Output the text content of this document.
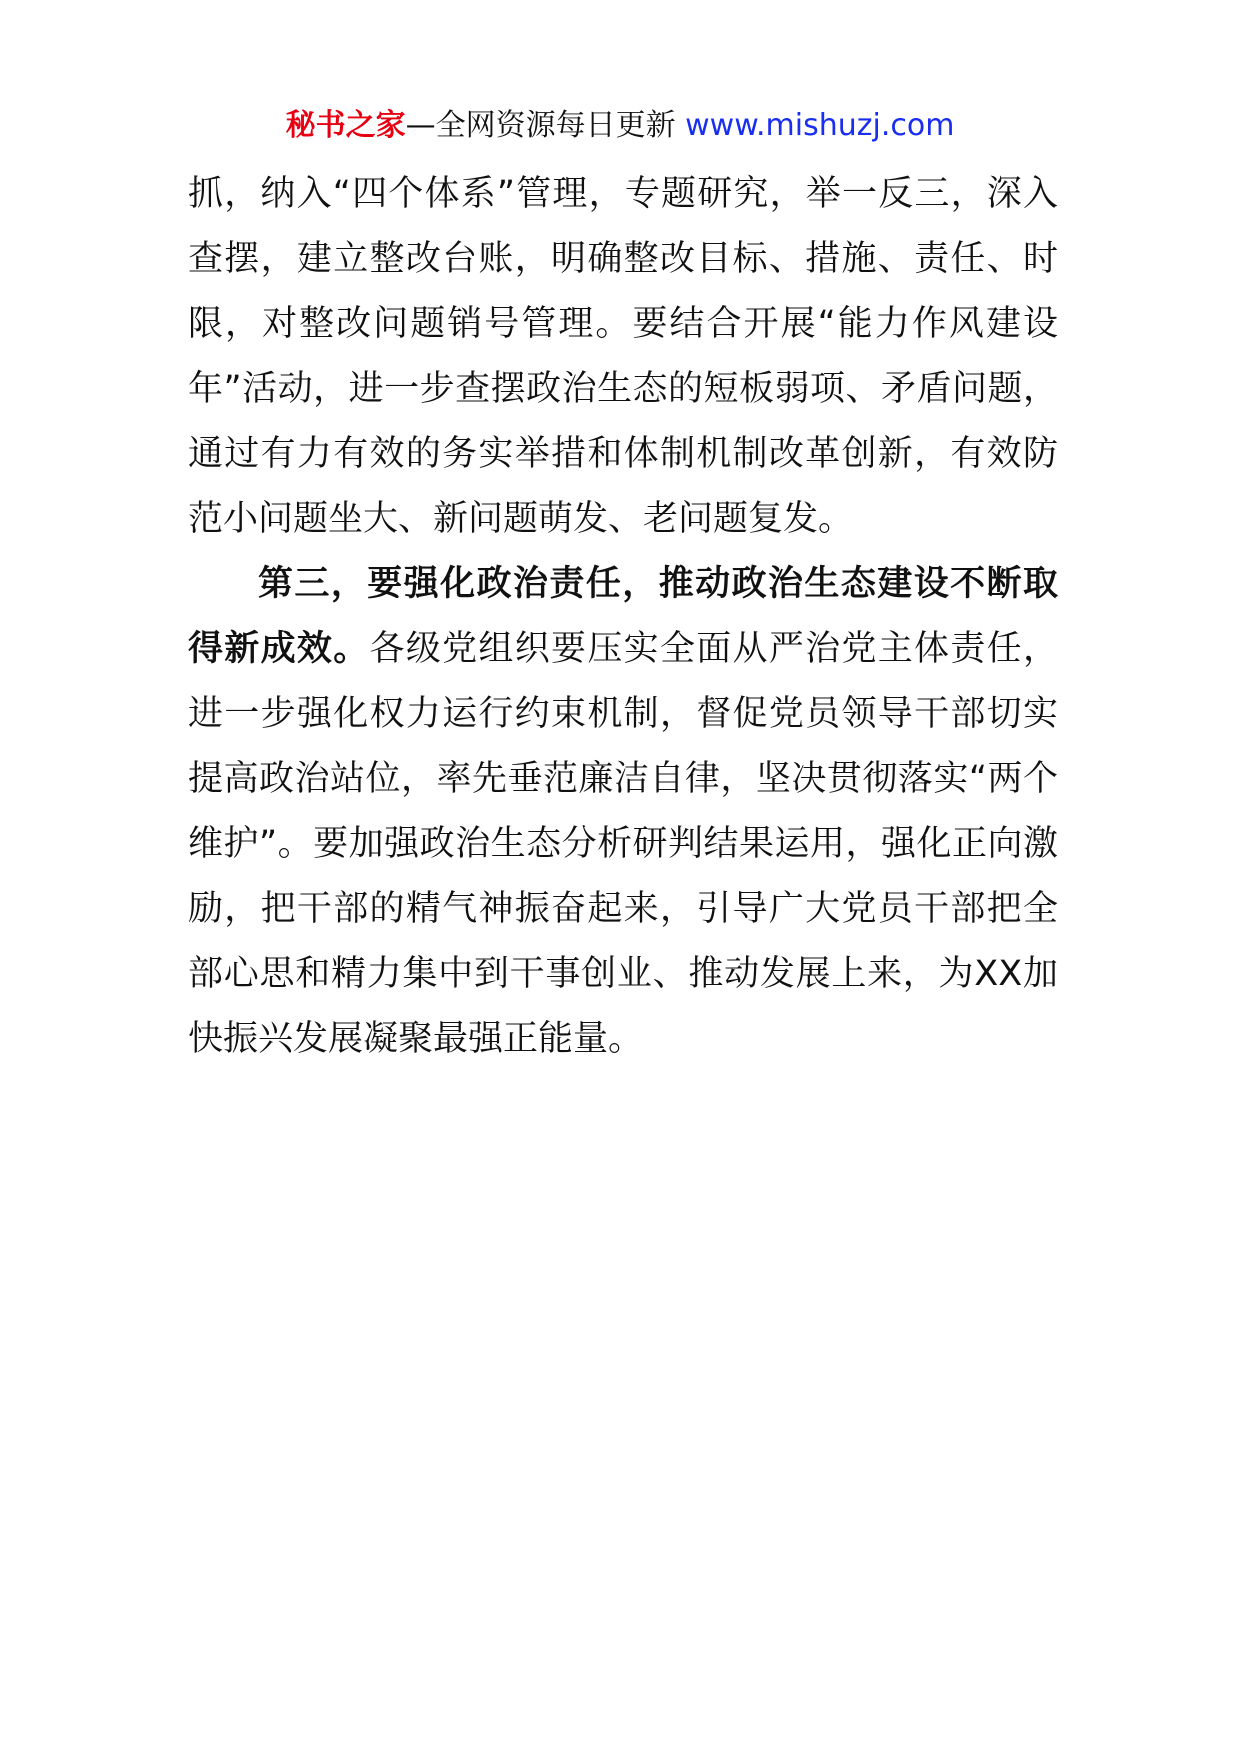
秘书之家—全网资源每日更新 www.mishuzj.com

抓，纳入“四个体系”管理，专题研究，举一反三，深入查摆，建立整改台账，明确整改目标、措施、责任、时限，对整改问题销号管理。要结合开展“能力作风建设年”活动，进一步查摆政治生态的短板弱项、矛盾问题，通过有力有效的务实举措和体制机制改革创新，有效防范小问题坐大、新问题萌发、老问题复发。

第三，要强化政治责任，推动政治生态建设不断取得新成效。各级党组织要压实全面从严治党主体责任，进一步强化权力运行约束机制，督促党员领导干部切实提高政治站位，率先垂范廉洁自律，坚决贯彻落实“两个维护”。要加强政治生态分析研判结果运用，强化正向激励，把干部的精气神振奋起来，引导广大党员干部把全部心思和精力集中到干事创业、推动发展上来，为XX加快振兴发展凝聚最强正能量。
